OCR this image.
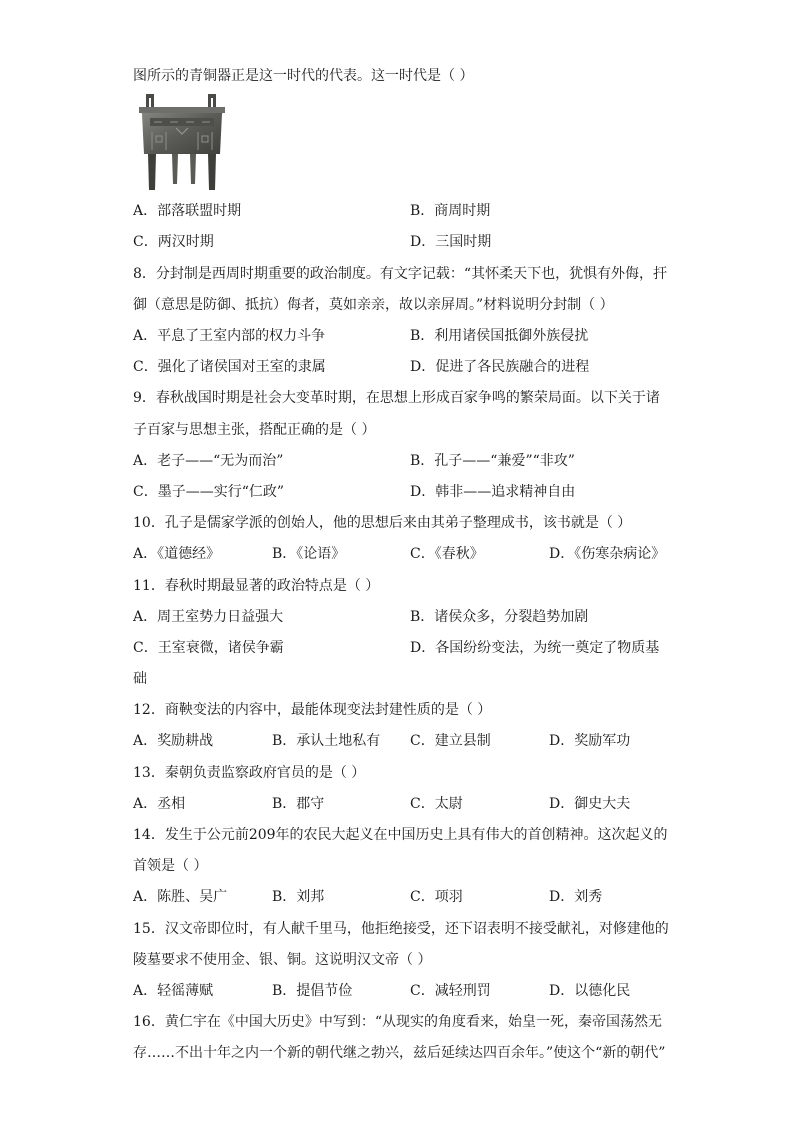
图所示的青铜器正是这一时代的代表。这一时代是（ ）
A．部落联盟时期	B．商周时期
C．两汉时期	D．三国时期
8．分封制是西周时期重要的政治制度。有文字记载：“其怀柔天下也，犹惧有外侮，扞
御（意思是防御、抵抗）侮者，莫如亲亲，故以亲屏周。”材料说明分封制（ ）
A．平息了王室内部的权力斗争	B．利用诸侯国抵御外族侵扰
C．强化了诸侯国对王室的隶属	D．促进了各民族融合的进程
9．春秋战国时期是社会大变革时期，在思想上形成百家争鸣的繁荣局面。以下关于诸
子百家与思想主张，搭配正确的是（ ）
A．老子——“无为而治”	B．孔子——“兼爱”“非攻”
C．墨子——实行“仁政”	D．韩非——追求精神自由
10．孔子是儒家学派的创始人，他的思想后来由其弟子整理成书，该书就是（ ）
A．《道德经》	B．《论语》	C．《春秋》	D．《伤寒杂病论》
11．春秋时期最显著的政治特点是（ ）
A．周王室势力日益强大	B．诸侯众多，分裂趋势加剧
C．王室衰微，诸侯争霸	D．各国纷纷变法，为统一奠定了物质基
础
12．商鞅变法的内容中，最能体现变法封建性质的是（ ）
A．奖励耕战	B．承认土地私有 C．建立县制	D．奖励军功
13．秦朝负责监察政府官员的是（ ）
A．丞相	B．郡守	C．太尉	D．御史大夫
14．发生于公元前209年的农民大起义在中国历史上具有伟大的首创精神。这次起义的
首领是（ ）
A．陈胜、吴广	B．刘邦	C．项羽	D．刘秀
15．汉文帝即位时，有人献千里马，他拒绝接受，还下诏表明不接受献礼，对修建他的
陵墓要求不使用金、银、铜。这说明汉文帝（ ）
A．轻徭薄赋	B．提倡节俭	C．减轻刑罚	D．以德化民
16．黄仁宇在《中国大历史》中写到：“从现实的角度看来，始皇一死，秦帝国荡然无
存……不出十年之内一个新的朝代继之勃兴，兹后延续达四百余年。”使这个“新的朝代”
